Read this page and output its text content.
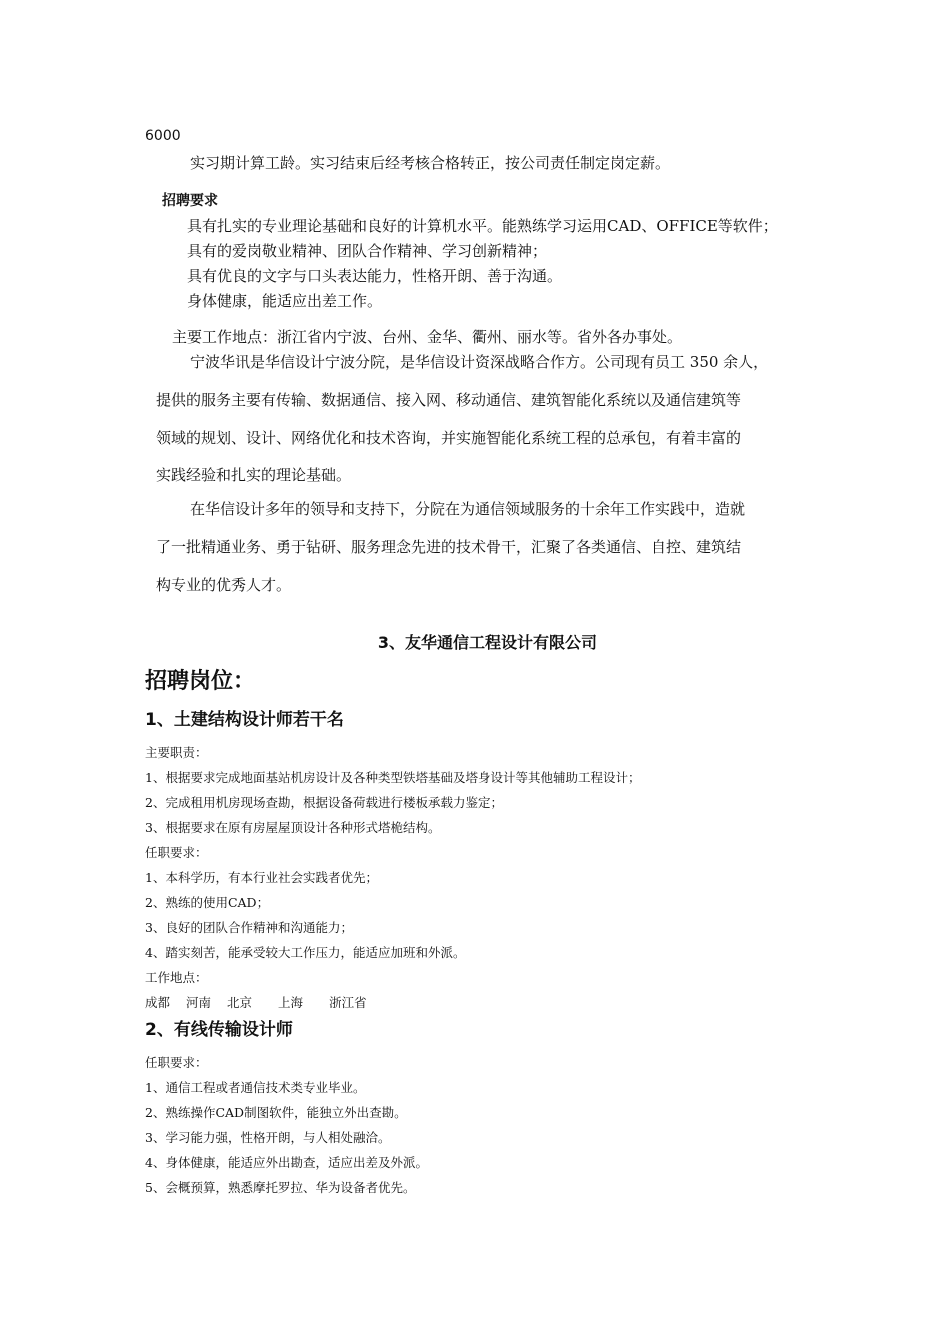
6000
实习期计算工龄。实习结束后经考核合格转正，按公司责任制定岗定薪。
招聘要求
具有扎实的专业理论基础和良好的计算机水平。能熟练学习运用CAD、OFFICE等软件；
具有的爱岗敬业精神、团队合作精神、学习创新精神；
具有优良的文字与口头表达能力，性格开朗、善于沟通。
身体健康，能适应出差工作。
主要工作地点：浙江省内宁波、台州、金华、衢州、丽水等。省外各办事处。
宁波华讯是华信设计宁波分院，是华信设计资深战略合作方。公司现有员工 350 余人，
提供的服务主要有传输、数据通信、接入网、移动通信、建筑智能化系统以及通信建筑等
领域的规划、设计、网络优化和技术咨询，并实施智能化系统工程的总承包，有着丰富的
实践经验和扎实的理论基础。
在华信设计多年的领导和支持下，分院在为通信领域服务的十余年工作实践中，造就
了一批精通业务、勇于钻研、服务理念先进的技术骨干，汇聚了各类通信、自控、建筑结
构专业的优秀人才。
3、友华通信工程设计有限公司
招聘岗位：
1、土建结构设计师若干名
主要职责：
1、根据要求完成地面基站机房设计及各种类型铁塔基础及塔身设计等其他辅助工程设计；
2、完成租用机房现场查勘，根据设备荷载进行楼板承载力鉴定；
3、根据要求在原有房屋屋顶设计各种形式塔桅结构。
任职要求：
1、本科学历，有本行业社会实践者优先；
2、熟练的使用CAD；
3、良好的团队合作精神和沟通能力；
4、踏实刻苦，能承受较大工作压力，能适应加班和外派。
工作地点：
成都 河南 北京 上海 浙江省
2、有线传输设计师
任职要求：
1、通信工程或者通信技术类专业毕业。
2、熟练操作CAD制图软件，能独立外出查勘。
3、学习能力强，性格开朗，与人相处融洽。
4、身体健康，能适应外出勘查，适应出差及外派。
5、会概预算，熟悉摩托罗拉、华为设备者优先。
